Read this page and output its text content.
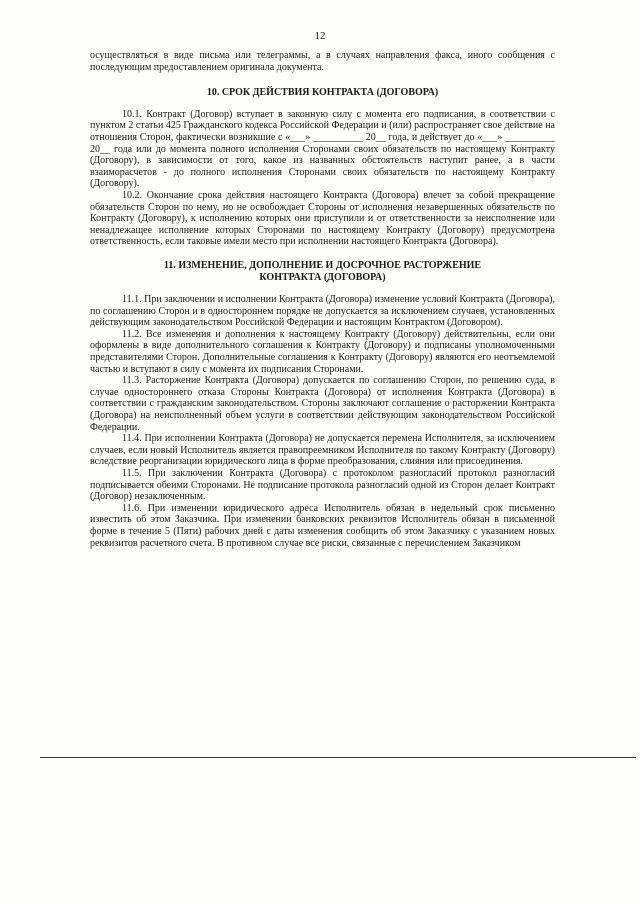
12

осуществляться в виде письма или телеграммы, а в случаях направления факса, иного сообщения с последующим предоставлением оригинала документа.

10. СРОК ДЕЙСТВИЯ КОНТРАКТА (ДОГОВОРА)

10.1. Контракт (Договор) вступает в законную силу с момента его подписания, в соответствии с пунктом 2 статьи 425 Гражданского кодекса Российской Федерации и (или) распространяет свое действие на отношения Сторон, фактически возникшие с «___» __________ 20__ года, и действует до «___» __________ 20__ года или до момента полного исполнения Сторонами своих обязательств по настоящему Контракту (Договору), в зависимости от того, какое из названных обстоятельств наступит ранее, а в части взаиморасчетов - до полного исполнения Сторонами своих обязательств по настоящему Контракту (Договору).

10.2. Окончание срока действия настоящего Контракта (Договора) влечет за собой прекращение обязательств Сторон по нему, но не освобождает Стороны от исполнения незавершенных обязательств по Контракту (Договору), к исполнению которых они приступили и от ответственности за неисполнение или ненадлежащее исполнение которых Сторонами по настоящему Контракту (Договору) предусмотрена ответственность, если таковые имели место при исполнении настоящего Контракта (Договора).

11. ИЗМЕНЕНИЕ, ДОПОЛНЕНИЕ И ДОСРОЧНОЕ РАСТОРЖЕНИЕ
КОНТРАКТА (ДОГОВОРА)

11.1. При заключении и исполнении Контракта (Договора) изменение условий Контракта (Договора), по соглашению Сторон и в одностороннем порядке не допускается за исключением случаев, установленных действующим законодательством Российской Федерации и настоящим Контрактом (Договором).

11.2. Все изменения и дополнения к настоящему Контракту (Договору) действительны, если они оформлены в виде дополнительного соглашения к Контракту (Договору) и подписаны уполномоченными представителями Сторон. Дополнительные соглашения к Контракту (Договору) являются его неотъемлемой частью и вступают в силу с момента их подписания Сторонами.

11.3. Расторжение Контракта (Договора) допускается по соглашению Сторон, по решению суда, в случае одностороннего отказа Стороны Контракта (Договора) от исполнения Контракта (Договора) в соответствии с гражданским законодательством. Стороны заключают соглашение о расторжении Контракта (Договора) на неисполненный объем услуги в соответствии действующим законодательством Российской Федерации.

11.4. При исполнении Контракта (Договора) не допускается перемена Исполнителя, за исключением случаев, если новый Исполнитель является правопреемником Исполнителя по такому Контракту (Договору) вследствие реорганизации юридического лица в форме преобразования, слияния или присоединения.

11.5. При заключении Контракта (Договора) с протоколом разногласий протокол разногласий подписывается обеими Сторонами. Не подписание протокола разногласий одной из Сторон делает Контракт (Договор) незаключенным.

11.6. При изменении юридического адреса Исполнитель обязан в недельный срок письменно известить об этом Заказчика. При изменении банковских реквизитов Исполнитель обязан в письменной форме в течение 5 (Пяти) рабочих дней с даты изменения сообщить об этом Заказчику с указанием новых реквизитов расчетного счета. В противном случае все риски, связанные с перечислением Заказчиком
